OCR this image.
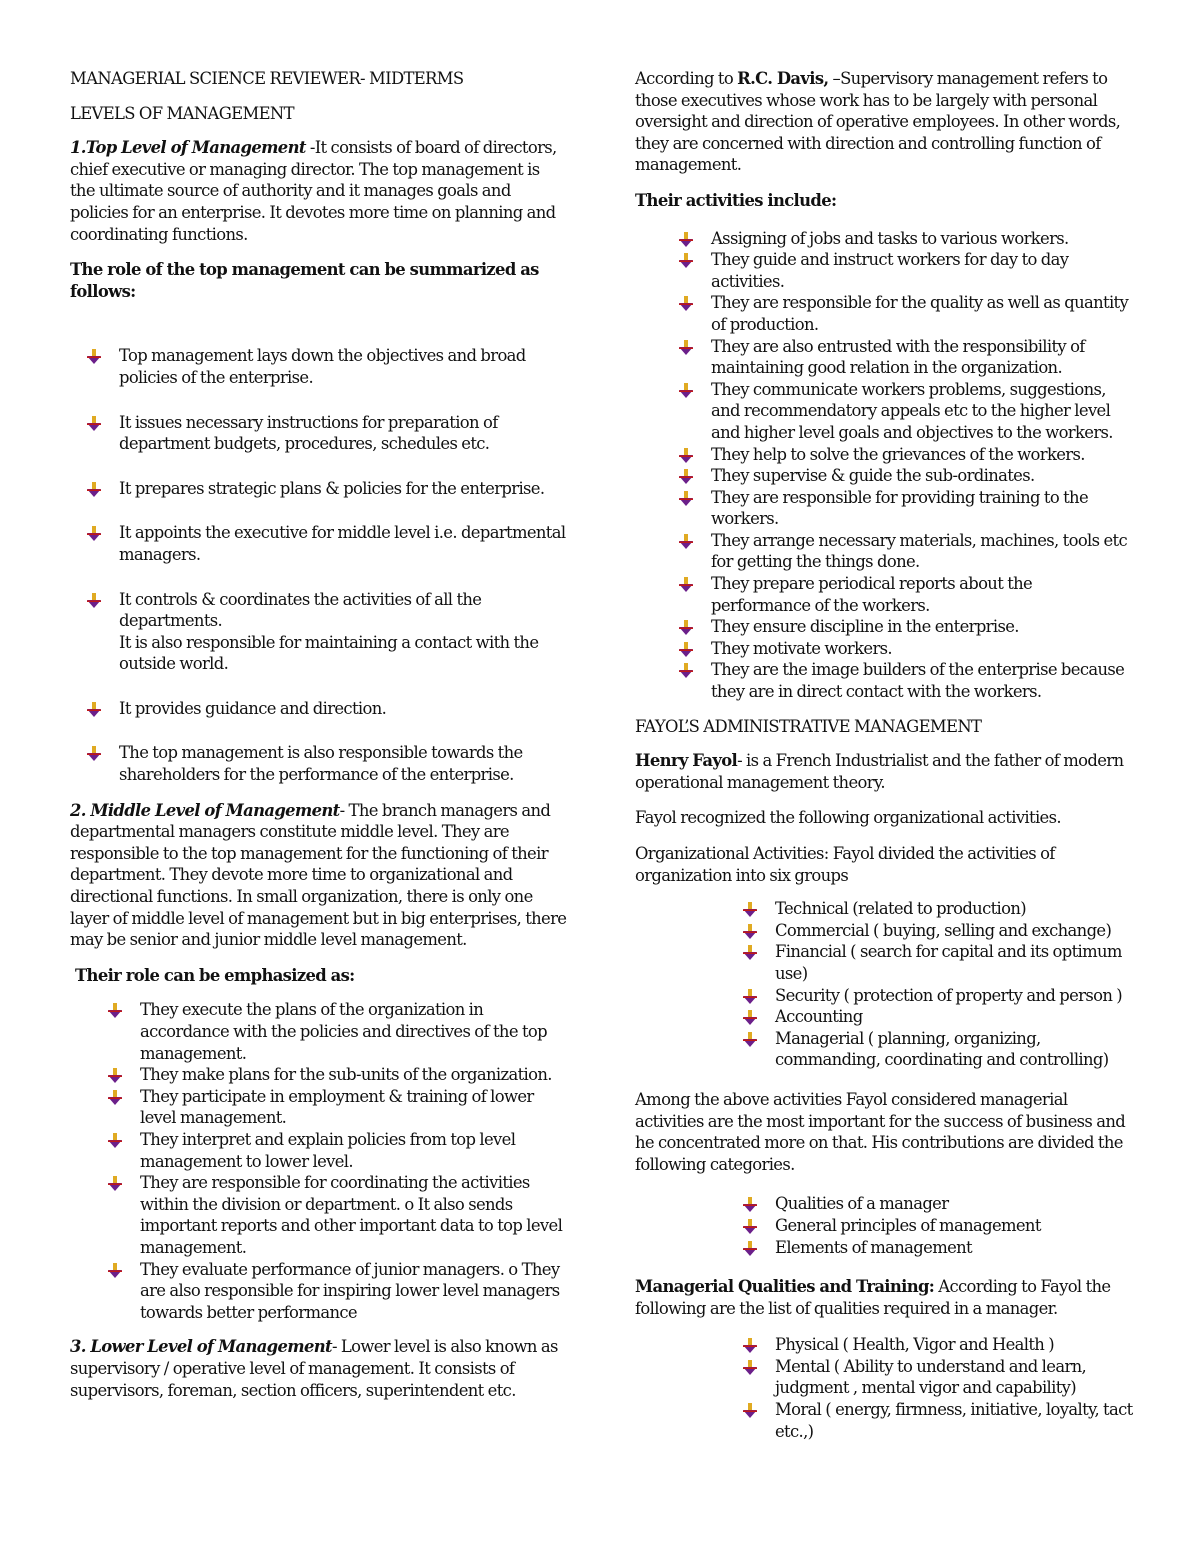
MANAGERIAL SCIENCE REVIEWER- MIDTERMS
LEVELS OF MANAGEMENT

1.Top Level of Management -It consists of board of directors, chief executive or managing director. The top management is the ultimate source of authority and it manages goals and policies for an enterprise. It devotes more time on planning and coordinating functions.

The role of the top management can be summarized as follows:
Top management lays down the objectives and broad policies of the enterprise.
It issues necessary instructions for preparation of department budgets, procedures, schedules etc.
It prepares strategic plans & policies for the enterprise.
It appoints the executive for middle level i.e. departmental managers.
It controls & coordinates the activities of all the departments.
It is also responsible for maintaining a contact with the outside world.
It provides guidance and direction.
The top management is also responsible towards the shareholders for the performance of the enterprise.

2. Middle Level of Management- The branch managers and departmental managers constitute middle level. They are responsible to the top management for the functioning of their department. They devote more time to organizational and directional functions. In small organization, there is only one layer of middle level of management but in big enterprises, there may be senior and junior middle level management.

Their role can be emphasized as:
They execute the plans of the organization in accordance with the policies and directives of the top management.
They make plans for the sub-units of the organization.
They participate in employment & training of lower level management.
They interpret and explain policies from top level management to lower level.
They are responsible for coordinating the activities within the division or department. o It also sends important reports and other important data to top level management.
They evaluate performance of junior managers. o They are also responsible for inspiring lower level managers towards better performance

3. Lower Level of Management- Lower level is also known as supervisory / operative level of management. It consists of supervisors, foreman, section officers, superintendent etc.

According to R.C. Davis, –Supervisory management refers to those executives whose work has to be largely with personal oversight and direction of operative employees. In other words, they are concerned with direction and controlling function of management.

Their activities include:
Assigning of jobs and tasks to various workers.
They guide and instruct workers for day to day activities.
They are responsible for the quality as well as quantity of production.
They are also entrusted with the responsibility of maintaining good relation in the organization.
They communicate workers problems, suggestions, and recommendatory appeals etc to the higher level and higher level goals and objectives to the workers.
They help to solve the grievances of the workers.
They supervise & guide the sub-ordinates.
They are responsible for providing training to the workers.
They arrange necessary materials, machines, tools etc for getting the things done.
They prepare periodical reports about the performance of the workers.
They ensure discipline in the enterprise.
They motivate workers.
They are the image builders of the enterprise because they are in direct contact with the workers.
FAYOL’S ADMINISTRATIVE MANAGEMENT

Henry Fayol- is a French Industrialist and the father of modern operational management theory.

Fayol recognized the following organizational activities.

Organizational Activities: Fayol divided the activities of organization into six groups

Technical (related to production)
Commercial ( buying, selling and exchange)
Financial ( search for capital and its optimum use)
Security ( protection of property and person )
Accounting
Managerial ( planning, organizing, commanding, coordinating and controlling)

Among the above activities Fayol considered managerial activities are the most important for the success of business and he concentrated more on that. His contributions are divided the following categories.

Qualities of a manager
General principles of management
Elements of management

Managerial Qualities and Training: According to Fayol the following are the list of qualities required in a manager.

Physical ( Health, Vigor and Health )
Mental ( Ability to understand and learn, judgment , mental vigor and capability)
Moral ( energy, firmness, initiative, loyalty, tact etc.,)
